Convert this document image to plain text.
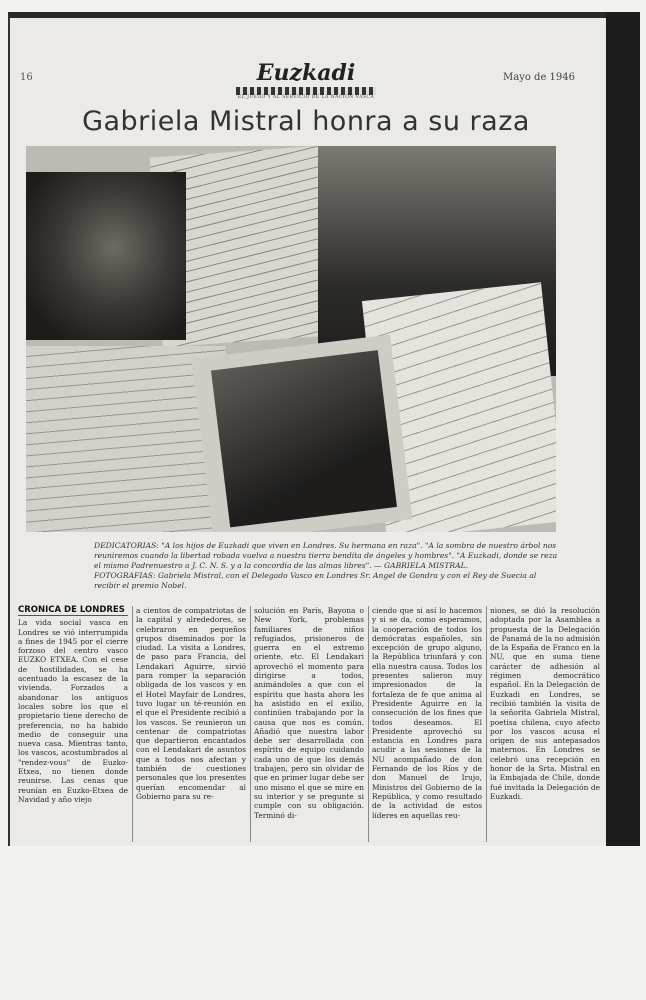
16	Euzkadi
EL JUEGO Y AL SERVICIO DE LA NACION VASCA
Mayo de 1946
Gabriela Mistral honra a su raza

DEDICATORIAS: "A los hijos de Euzkadi que viven en Londres. Su hermana en raza". "A la sombra de nuestro árbol nos reuniremos cuando la libertad robada vuelva a nuestra tierra bendita de ángeles y hombres". "A Euzkadi, donde se reza el mismo Padrenuestro a J. C. N. S. y a la concordia de las almas libres". — GABRIELA MISTRAL.

FOTOGRAFIAS: Gabriela Mistral, con el Delegado Vasco en Londres Sr. Angel de Gondra y con el Rey de Suecia al recibir el premio Nobel.

CRONICA DE LONDRES

La vida social vasca en Londres se vió interrumpida a fines de 1945 por el cierre forzoso del centro vasco EUZKO ETXEA. Con el cese de hostilidades, se ha acentuado la escasez de la vivienda. Forzados a abandonar los antiguos locales sobre los que el propietario tiene derecho de preferencia, no ha habido medio de conseguir una nueva casa. Mientras tanto, los vascos, acostumbrados al "rendez-vous" de Euzko-Etxea, no tienen donde reunirse. Las cenas que reunían en Euzko-Etxea de Navidad y año viejo

a cientos de compatriotas de la capital y alrededores, se celebraron en pequeños grupos diseminados por la ciudad. La visita a Londres, de paso para Francia, del Lendakari Aguirre, sirvió para romper la separación obligada de los vascos y en el Hotel Mayfair de Londres, tuvo lugar un té-reunión en el que el Presidente recibió a los vascos. Se reunieron un centenar de compatriotas que departieron encantados con el Lendakari de asuntos que a todos nos afectan y también de cuestiones personales que los presentes querían encomendar al Gobierno para su re-

solución en París, Bayona o New York, problemas familiares de niños refugiados, prisioneros de guerra en el extremo oriente, etc. El Lendakari aprovechó el momento para dirigirse a todos, animándoles a que con el espíritu que hasta ahora les ha asistido en el exilio, continúen trabajando por la causa que nos es común. Añadió que nuestra labor debe ser desarrollada con espíritu de equipo cuidando cada uno de que los demás trabajen, pero sin olvidar de que en primer lugar debe ser uno mismo el que se mire en su interior y se pregunte si cumple con su obligación. Terminó di-

ciendo que si así lo hacemos y si se da, como esperamos, la cooperación de todos los demócratas españoles, sin excepción de grupo alguno, la República triunfará y con ella nuestra causa. Todos los presentes salieron muy impresionados de la fortaleza de fe que anima al Presidente Aguirre en la consecución de los fines que todos deseamos. El Presidente aprovechó su estancia en Londres para acudir a las sesiones de la NU acompañado de don Fernando de los Ríos y de don Manuel de Irujo, Ministros del Gobierno de la República, y como resultado de la actividad de estos líderes en aquellas reu-

niones, se dió la resolución adoptada por la Asamblea a propuesta de la Delegación de Panamá de la no admisión de la España de Franco en la NU, que en suma tiene carácter de adhesión al régimen democrático español. En la Delegación de Euzkadi en Londres, se recibió también la visita de la señorita Gabriela Mistral, poetisa chilena, cuyo afecto por los vascos acusa el origen de sus antepasados maternos. En Londres se celebró una recepción en honor de la Srta. Mistral en la Embajada de Chile, donde fué invitada la Delegación de Euzkadi.
